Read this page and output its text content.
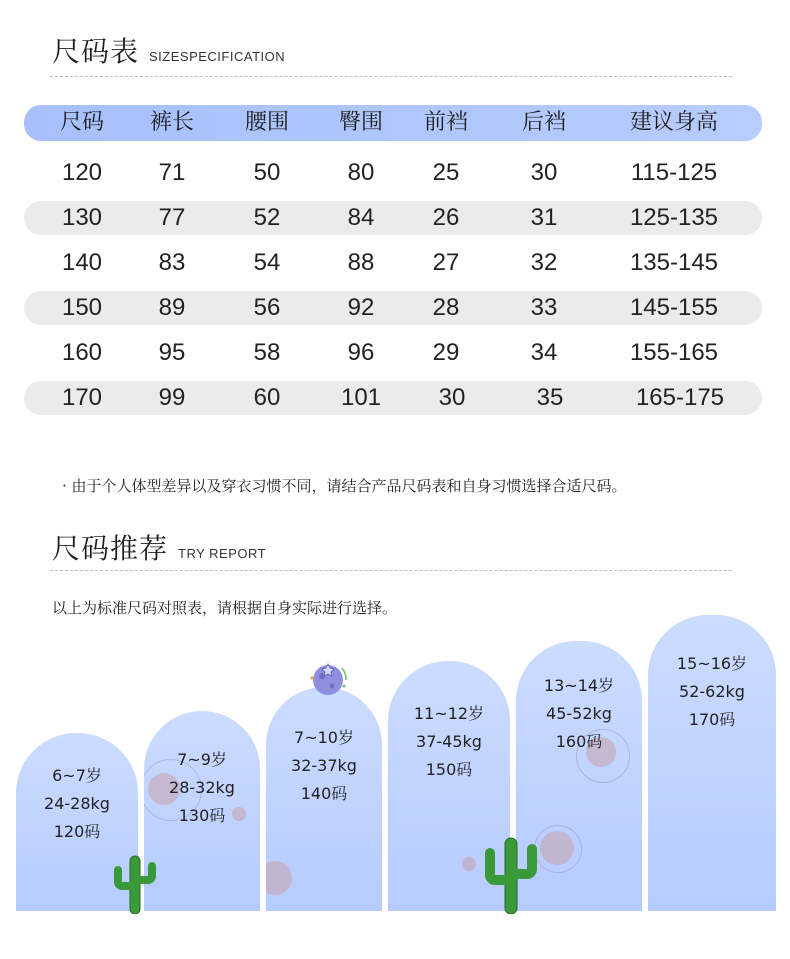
尺码表 SIZESPECIFICATION
尺码	裤长	腰围	臀围	前裆	后裆	建议身高
120	71	50	80	25	30	115-125
130	77	52	84	26	31	125-135
140	83	54	88	27	32	135-145
150	89	56	92	28	33	145-155
160	95	58	96	29	34	155-165
170	99	60	101	30	35	165-175
· 由于个人体型差异以及穿衣习惯不同，请结合产品尺码表和自身习惯选择合适尺码。
尺码推荐 TRY REPORT
以上为标准尺码对照表，请根据自身实际进行选择。
6~7岁
24-28kg
120码
7~9岁
28-32kg
130码
7~10岁
32-37kg
140码
11~12岁
37-45kg
150码
13~14岁
45-52kg
160码
15~16岁
52-62kg
170码
